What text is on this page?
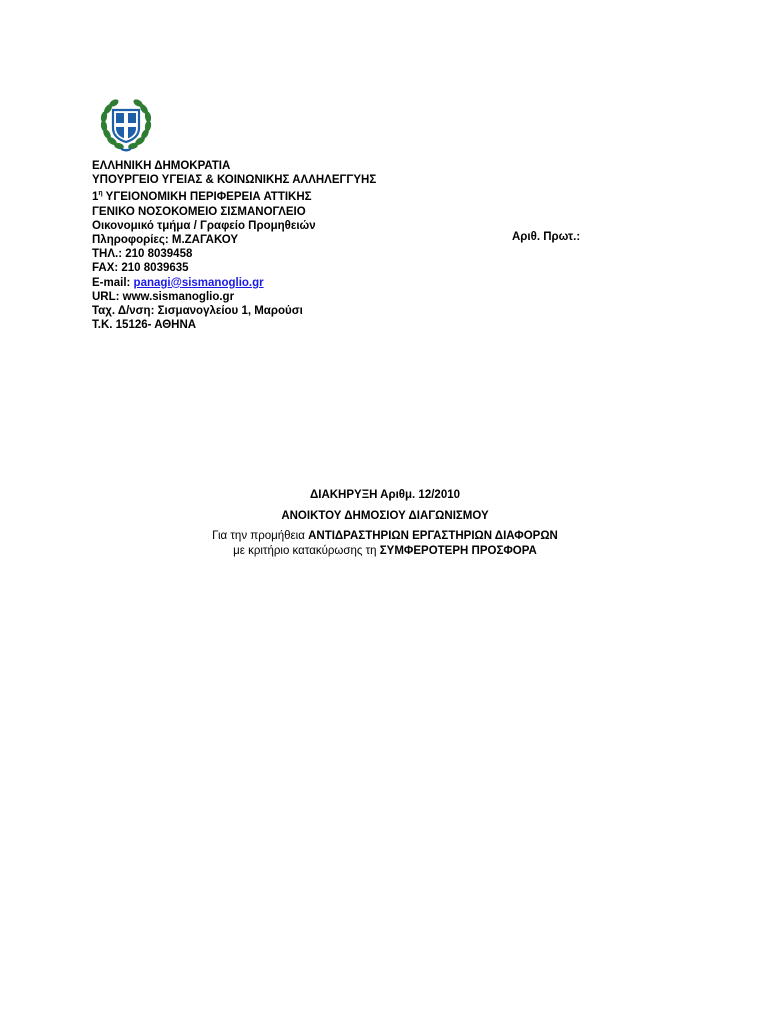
ΕΛΛΗΝΙΚΗ ΔΗΜΟΚΡΑΤΙΑ
ΥΠΟΥΡΓΕΙΟ ΥΓΕΙΑΣ & ΚΟΙΝΩΝΙΚΗΣ ΑΛΛΗΛΕΓΓΥΗΣ
$1^\eta$ ΥΓΕΙΟΝΟΜΙΚΗ ΠΕΡΙΦΕΡΕΙΑ ΑΤΤΙΚΗΣ
ΓΕΝΙΚΟ ΝΟΣΟΚΟΜΕΙΟ ΣΙΣΜΑΝΟΓΛΕΙΟ
Οικονομικό τμήμα / Γραφείο Προμηθειών
Πληροφορίες: Μ.ΖΑΓΑΚΟΥ
ΤΗΛ.: 210 8039458
FAX: 210 8039635
E-mail: panagi@sismanoglio.gr
URL: www.sismanoglio.gr
Ταχ. Δ/νση: Σισμανογλείου 1, Μαρούσι
Τ.Κ. 15126- ΑΘΗΝΑ
Αριθ. Πρωτ.:
ΔΙΑΚΗΡΥΞΗ Αριθμ. 12/2010
ΑΝΟΙΚΤΟΥ ΔΗΜΟΣΙΟΥ ΔΙΑΓΩΝΙΣΜΟΥ
Για την προμήθεια ΑΝΤΙΔΡΑΣΤΗΡΙΩΝ ΕΡΓΑΣΤΗΡΙΩΝ ΔΙΑΦΟΡΩΝ
με κριτήριο κατακύρωσης τη ΣΥΜΦΕΡΟΤΕΡΗ ΠΡΟΣΦΟΡΑ
